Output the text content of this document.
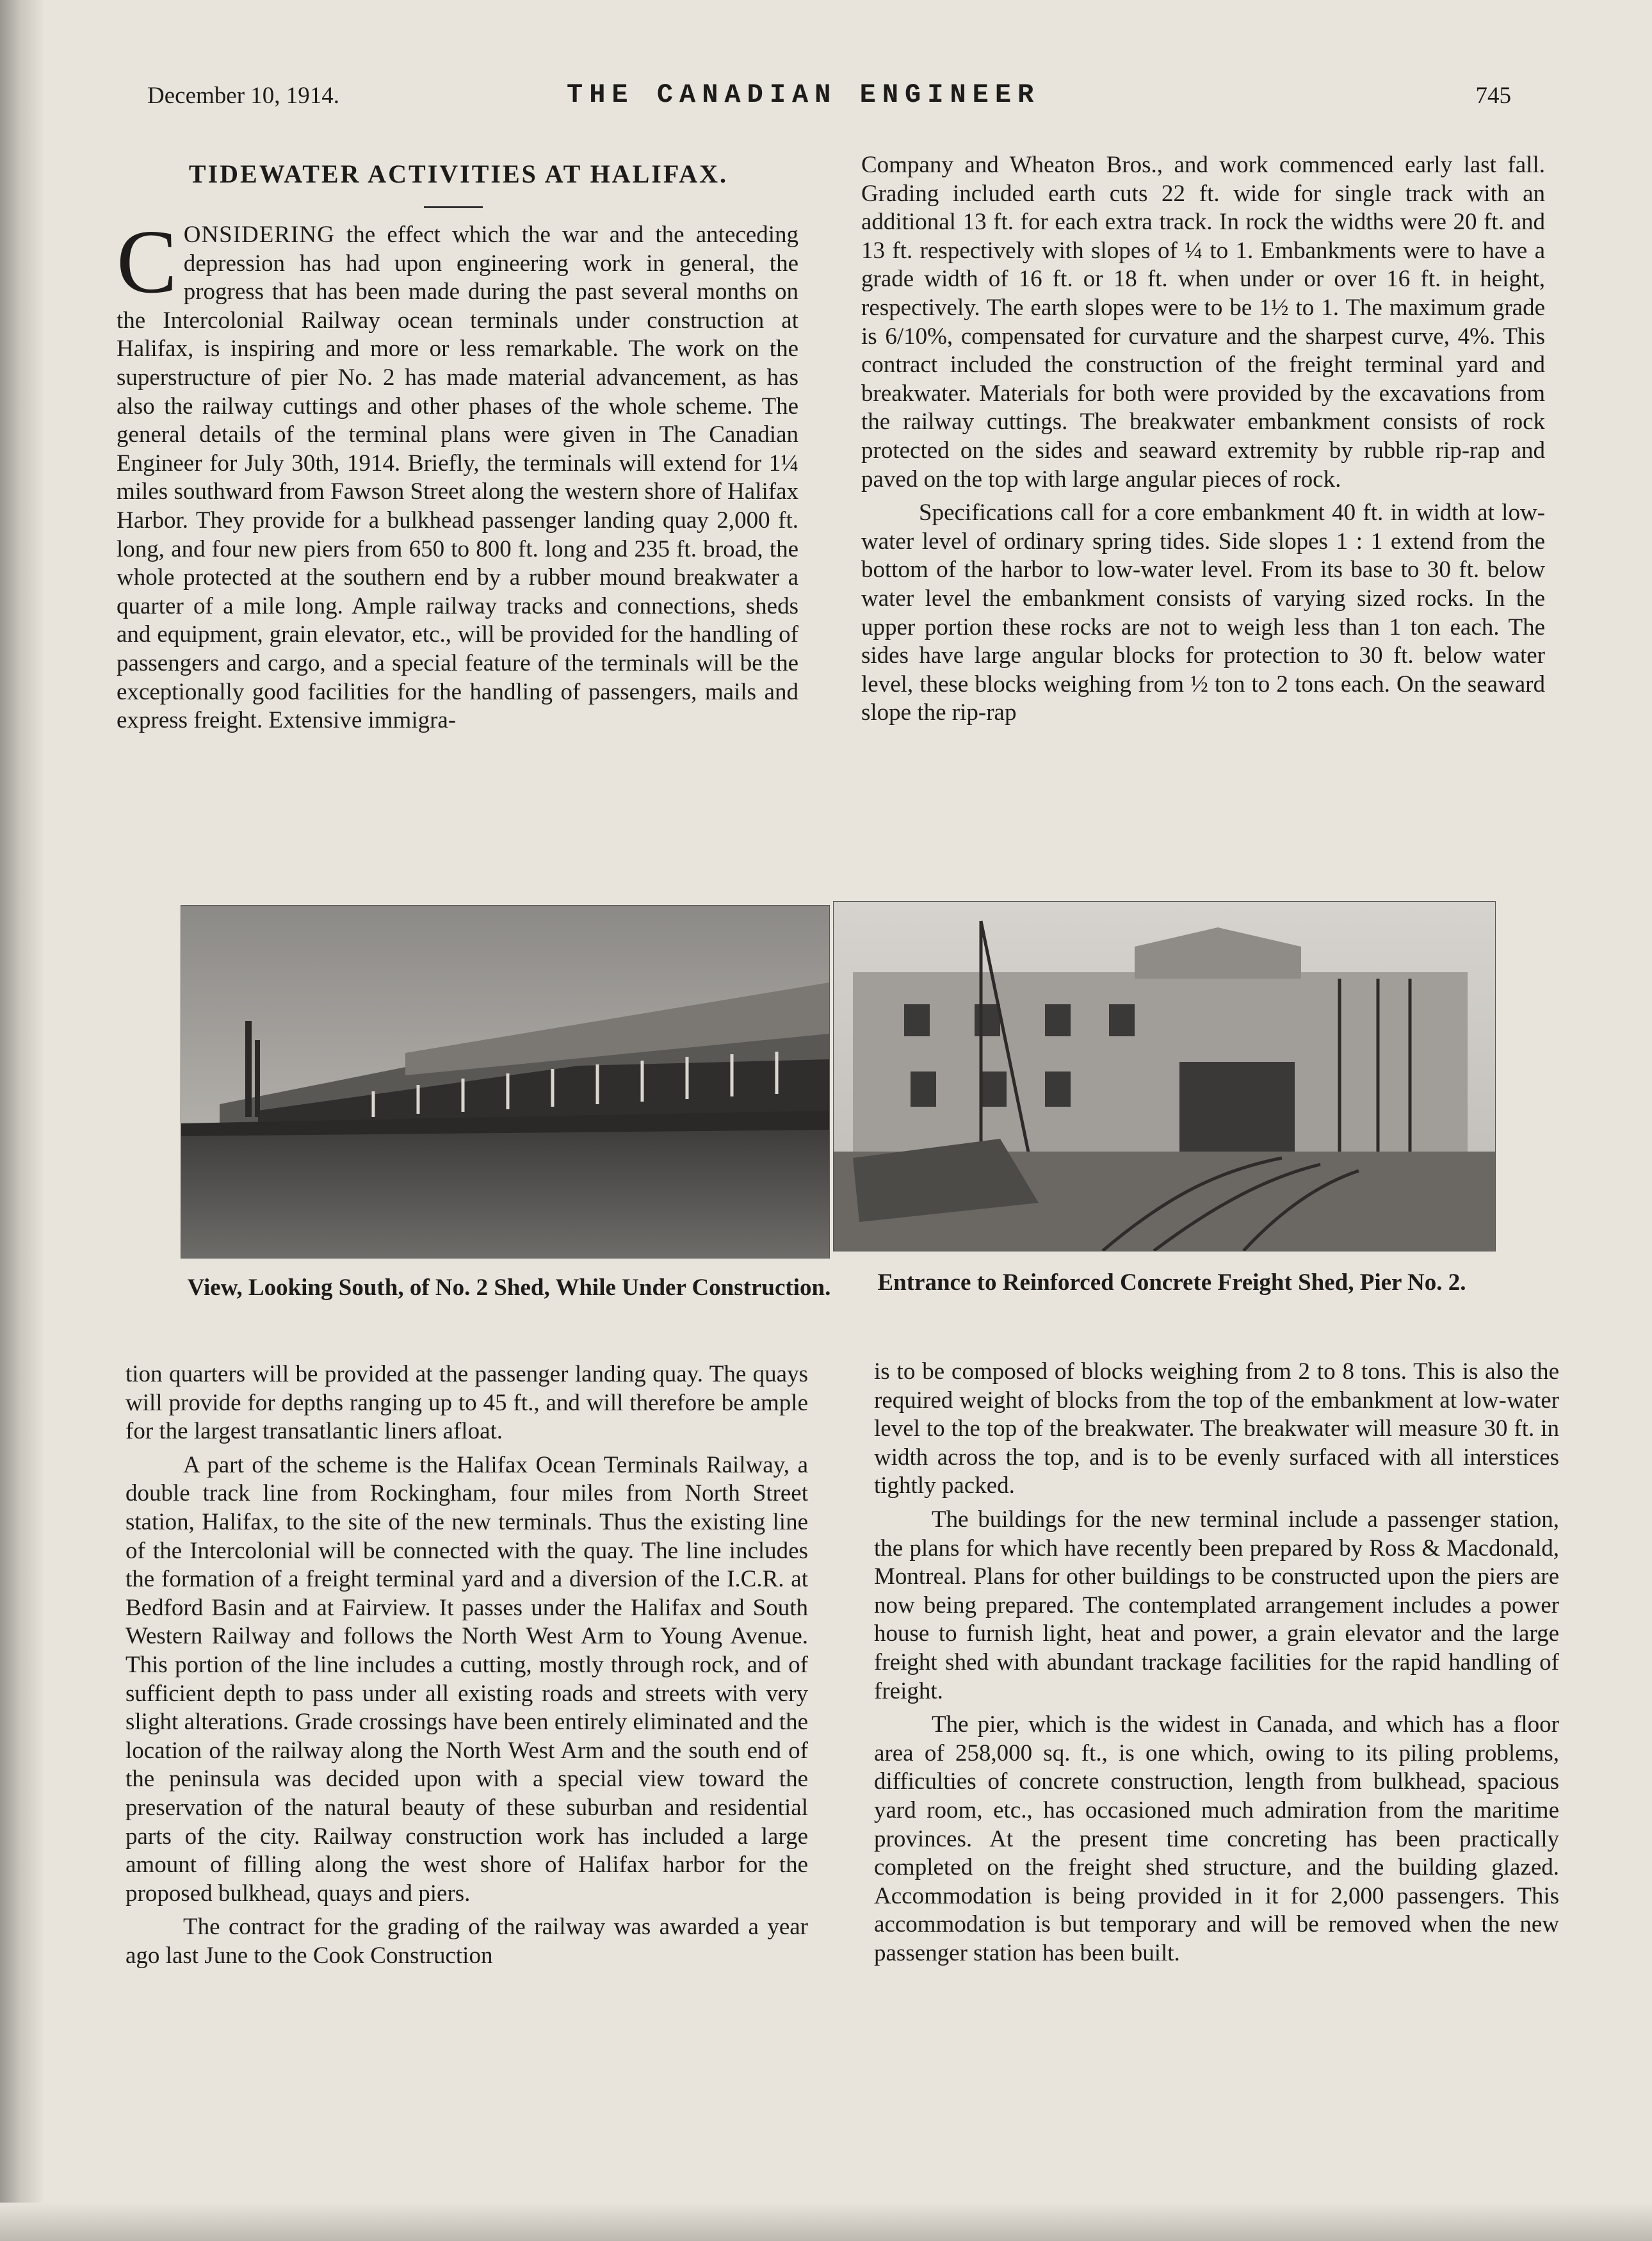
December 10, 1914.	THE CANADIAN ENGINEER	745
TIDEWATER ACTIVITIES AT HALIFAX.

CONSIDERING the effect which the war and the anteceding depression has had upon engineering work in general, the progress that has been made during the past several months on the Intercolonial Railway ocean terminals under construction at Halifax, is inspiring and more or less remarkable. The work on the superstructure of pier No. 2 has made material advancement, as has also the railway cuttings and other phases of the whole scheme. The general details of the terminal plans were given in The Canadian Engineer for July 30th, 1914. Briefly, the terminals will extend for 1¼ miles southward from Fawson Street along the western shore of Halifax Harbor. They provide for a bulkhead passenger landing quay 2,000 ft. long, and four new piers from 650 to 800 ft. long and 235 ft. broad, the whole protected at the southern end by a rubber mound breakwater a quarter of a mile long. Ample railway tracks and connections, sheds and equipment, grain elevator, etc., will be provided for the handling of passengers and cargo, and a special feature of the terminals will be the exceptionally good facilities for the handling of passengers, mails and express freight. Extensive immigra-

Company and Wheaton Bros., and work commenced early last fall. Grading included earth cuts 22 ft. wide for single track with an additional 13 ft. for each extra track. In rock the widths were 20 ft. and 13 ft. respectively with slopes of ¼ to 1. Embankments were to have a grade width of 16 ft. or 18 ft. when under or over 16 ft. in height, respectively. The earth slopes were to be 1½ to 1. The maximum grade is 6/10%, compensated for curvature and the sharpest curve, 4%. This contract included the construction of the freight terminal yard and breakwater. Materials for both were provided by the excavations from the railway cuttings. The breakwater embankment consists of rock protected on the sides and seaward extremity by rubble rip-rap and paved on the top with large angular pieces of rock.

Specifications call for a core embankment 40 ft. in width at low-water level of ordinary spring tides. Side slopes 1 : 1 extend from the bottom of the harbor to low-water level. From its base to 30 ft. below water level the embankment consists of varying sized rocks. In the upper portion these rocks are not to weigh less than 1 ton each. The sides have large angular blocks for protection to 30 ft. below water level, these blocks weighing from ½ ton to 2 tons each. On the seaward slope the rip-rap

View, Looking South, of No. 2 Shed, While Under Construction.	Entrance to Reinforced Concrete Freight Shed, Pier No. 2.

tion quarters will be provided at the passenger landing quay. The quays will provide for depths ranging up to 45 ft., and will therefore be ample for the largest transatlantic liners afloat.

A part of the scheme is the Halifax Ocean Terminals Railway, a double track line from Rockingham, four miles from North Street station, Halifax, to the site of the new terminals. Thus the existing line of the Intercolonial will be connected with the quay. The line includes the formation of a freight terminal yard and a diversion of the I.C.R. at Bedford Basin and at Fairview. It passes under the Halifax and South Western Railway and follows the North West Arm to Young Avenue. This portion of the line includes a cutting, mostly through rock, and of sufficient depth to pass under all existing roads and streets with very slight alterations. Grade crossings have been entirely eliminated and the location of the railway along the North West Arm and the south end of the peninsula was decided upon with a special view toward the preservation of the natural beauty of these suburban and residential parts of the city. Railway construction work has included a large amount of filling along the west shore of Halifax harbor for the proposed bulkhead, quays and piers.

The contract for the grading of the railway was awarded a year ago last June to the Cook Construction

is to be composed of blocks weighing from 2 to 8 tons. This is also the required weight of blocks from the top of the embankment at low-water level to the top of the breakwater. The breakwater will measure 30 ft. in width across the top, and is to be evenly surfaced with all interstices tightly packed.

The buildings for the new terminal include a passenger station, the plans for which have recently been prepared by Ross & Macdonald, Montreal. Plans for other buildings to be constructed upon the piers are now being prepared. The contemplated arrangement includes a power house to furnish light, heat and power, a grain elevator and the large freight shed with abundant trackage facilities for the rapid handling of freight.

The pier, which is the widest in Canada, and which has a floor area of 258,000 sq. ft., is one which, owing to its piling problems, difficulties of concrete construction, length from bulkhead, spacious yard room, etc., has occasioned much admiration from the maritime provinces. At the present time concreting has been practically completed on the freight shed structure, and the building glazed. Accommodation is being provided in it for 2,000 passengers. This accommodation is but temporary and will be removed when the new passenger station has been built.
